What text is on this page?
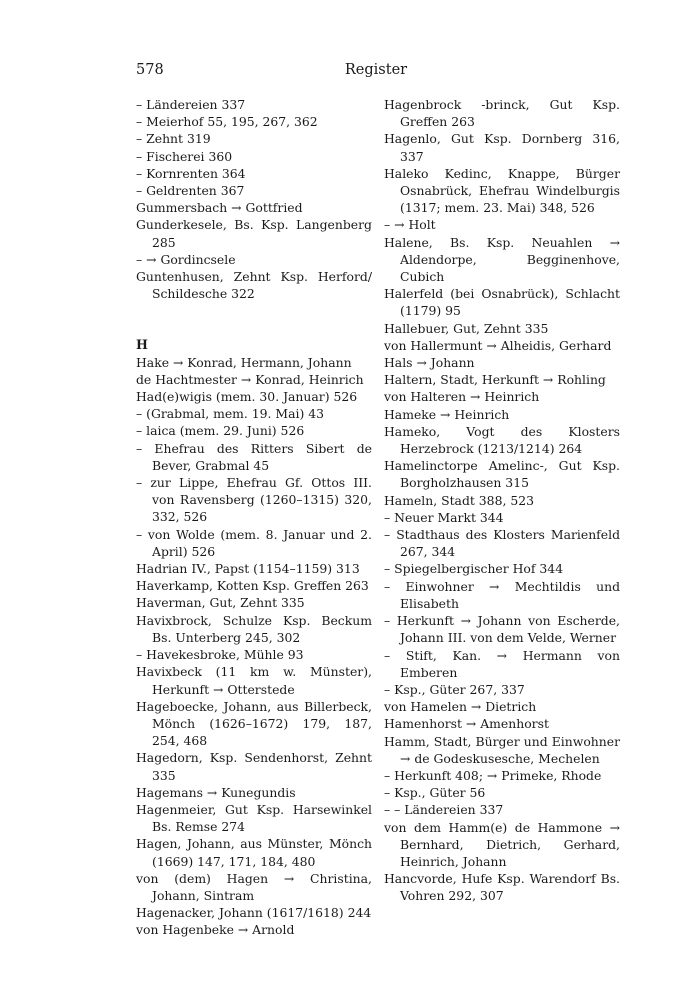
578	Register

– Ländereien 337

– Meierhof 55, 195, 267, 362

– Zehnt 319

– Fischerei 360

– Kornrenten 364

– Geldrenten 367

Gummersbach → Gottfried

Gunderkesele, Bs. Ksp. Langenberg 285

– → Gordincsele

Guntenhusen, Zehnt Ksp. Herford/ Schildesche 322

H

Hake → Konrad, Hermann, Johann

de Hachtmester → Konrad, Heinrich

Had(e)wigis (mem. 30. Januar) 526

– (Grabmal, mem. 19. Mai) 43

– laica (mem. 29. Juni) 526

– Ehefrau des Ritters Sibert de Bever, Grabmal 45

– zur Lippe, Ehefrau Gf. Ottos III. von Ravensberg (1260–1315) 320, 332, 526

– von Wolde (mem. 8. Januar und 2. April) 526

Hadrian IV., Papst (1154–1159) 313

Haverkamp, Kotten Ksp. Greffen 263

Haverman, Gut, Zehnt 335

Havixbrock, Schulze Ksp. Beckum Bs. Unterberg 245, 302

– Havekesbroke, Mühle 93

Havixbeck (11 km w. Münster), Herkunft → Otterstede

Hageboecke, Johann, aus Billerbeck, Mönch (1626–1672) 179, 187, 254, 468

Hagedorn, Ksp. Sendenhorst, Zehnt 335

Hagemans → Kunegundis

Hagenmeier, Gut Ksp. Harsewinkel Bs. Remse 274

Hagen, Johann, aus Münster, Mönch (1669) 147, 171, 184, 480

von (dem) Hagen → Christina, Johann, Sintram

Hagenacker, Johann (1617/1618) 244

von Hagenbeke → Arnold

Hagenbrock -brinck, Gut Ksp. Greffen 263

Hagenlo, Gut Ksp. Dornberg 316, 337

Haleko Kedinc, Knappe, Bürger Osnabrück, Ehefrau Windelburgis (1317; mem. 23. Mai) 348, 526

– → Holt

Halene, Bs. Ksp. Neuahlen → Aldendorpe, Begginenhove, Cubich

Halerfeld (bei Osnabrück), Schlacht (1179) 95

Hallebuer, Gut, Zehnt 335

von Hallermunt → Alheidis, Gerhard

Hals → Johann

Haltern, Stadt, Herkunft → Rohling

von Halteren → Heinrich

Hameke → Heinrich

Hameko, Vogt des Klosters Herzebrock (1213/1214) 264

Hamelinctorpe Amelinc-, Gut Ksp. Borgholzhausen 315

Hameln, Stadt 388, 523

– Neuer Markt 344

– Stadthaus des Klosters Marienfeld 267, 344

– Spiegelbergischer Hof 344

– Einwohner → Mechtildis und Elisabeth

– Herkunft → Johann von Escherde, Johann III. von dem Velde, Werner

– Stift, Kan. → Hermann von Emberen

– Ksp., Güter 267, 337

von Hamelen → Dietrich

Hamenhorst → Amenhorst

Hamm, Stadt, Bürger und Einwohner → de Godeskusesche, Mechelen

– Herkunft 408; → Primeke, Rhode

– Ksp., Güter 56

– – Ländereien 337

von dem Hamm(e) de Hammone → Bernhard, Dietrich, Gerhard, Heinrich, Johann

Hancvorde, Hufe Ksp. Warendorf Bs. Vohren 292, 307
